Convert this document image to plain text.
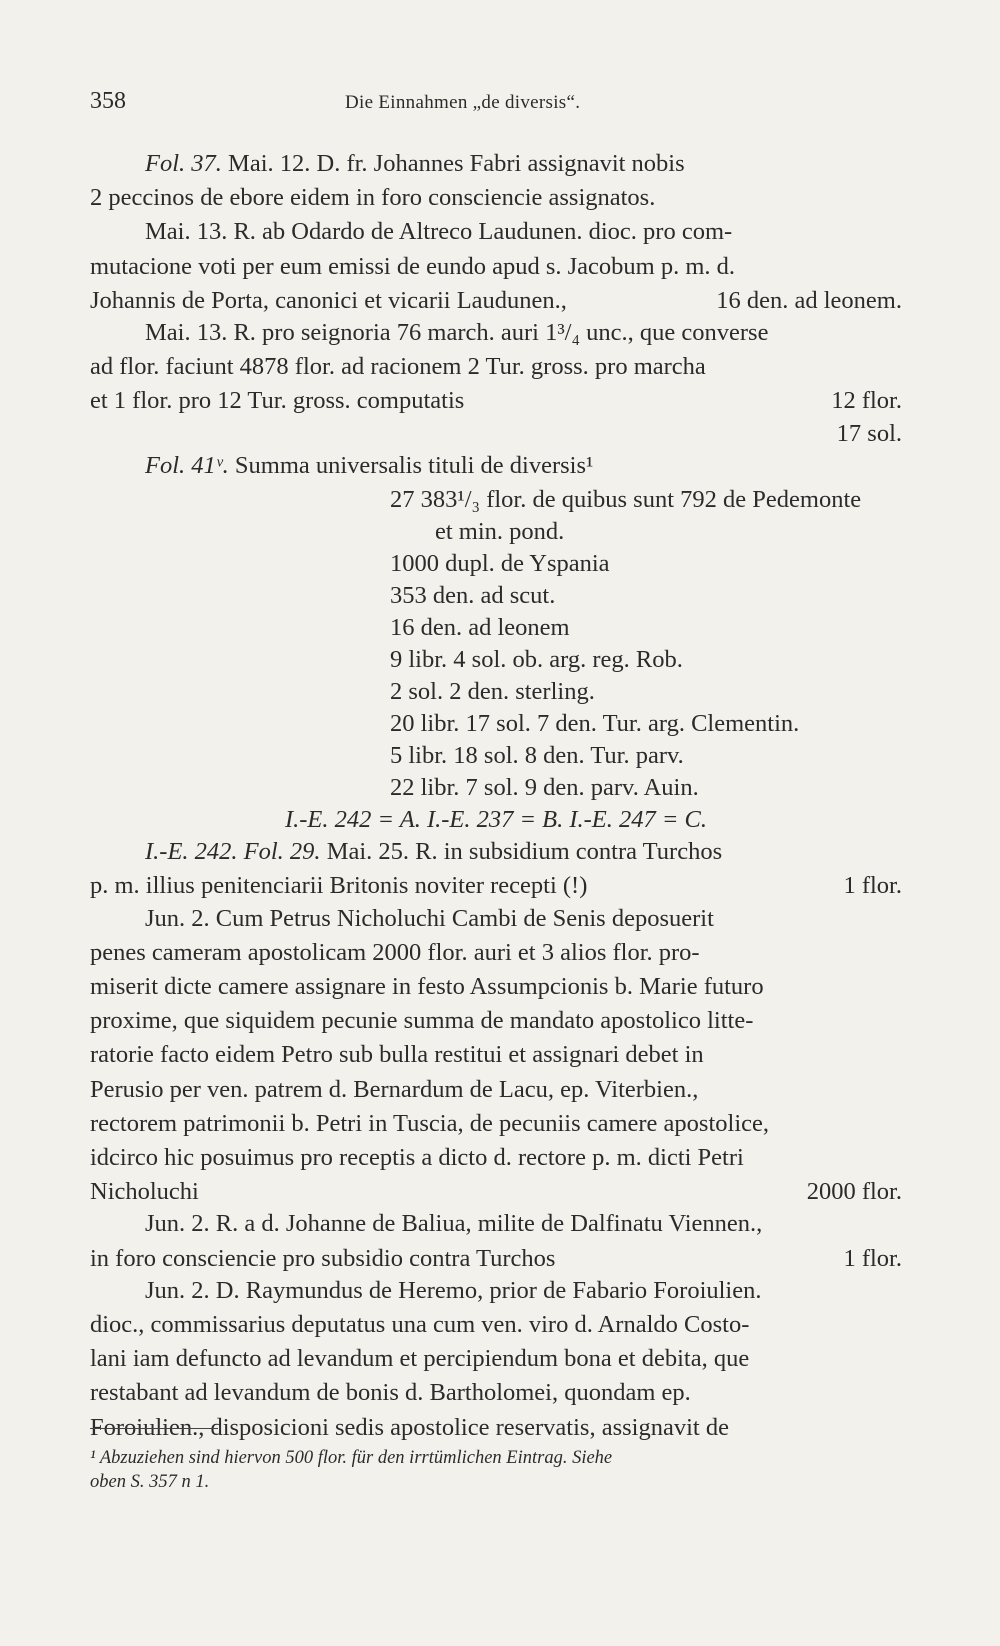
358	Die Einnahmen „de diversis“.

Fol. 37. Mai. 12. D. fr. Johannes Fabri assignavit nobis

2 peccinos de ebore eidem in foro consciencie assignatos.

Mai. 13. R. ab Odardo de Altreco Laudunen. dioc. pro com-

mutacione voti per eum emissi de eundo apud s. Jacobum p. m. d.

Johannis de Porta, canonici et vicarii Laudunen.,	16 den. ad leonem.

Mai. 13. R. pro seignoria 76 march. auri 1³/₄ unc., que converse

ad flor. faciunt 4878 flor. ad racionem 2 Tur. gross. pro marcha

et 1 flor. pro 12 Tur. gross. computatis	12 flor.
17 sol.

Fol. 41ᵛ. Summa universalis tituli de diversis¹

27 383¹/₃ flor. de quibus sunt 792 de Pedemonte
et min. pond.
1000 dupl. de Yspania
353 den. ad scut.
16 den. ad leonem
9 libr. 4 sol. ob. arg. reg. Rob.
2 sol. 2 den. sterling.
20 libr. 17 sol. 7 den. Tur. arg. Clementin.
5 libr. 18 sol. 8 den. Tur. parv.
22 libr. 7 sol. 9 den. parv. Auin.

I.-E. 242 = A. I.-E. 237 = B. I.-E. 247 = C.

I.-E. 242. Fol. 29. Mai. 25. R. in subsidium contra Turchos

p. m. illius penitenciarii Britonis noviter recepti (!)	1 flor.

Jun. 2. Cum Petrus Nicholuchi Cambi de Senis deposuerit

penes cameram apostolicam 2000 flor. auri et 3 alios flor. pro-

miserit dicte camere assignare in festo Assumpcionis b. Marie futuro

proxime, que siquidem pecunie summa de mandato apostolico litte-

ratorie facto eidem Petro sub bulla restitui et assignari debet in

Perusio per ven. patrem d. Bernardum de Lacu, ep. Viterbien.,

rectorem patrimonii b. Petri in Tuscia, de pecuniis camere apostolice,

idcirco hic posuimus pro receptis a dicto d. rectore p. m. dicti Petri

Nicholuchi	2000 flor.

Jun. 2. R. a d. Johanne de Baliua, milite de Dalfinatu Viennen.,

in foro consciencie pro subsidio contra Turchos	1 flor.

Jun. 2. D. Raymundus de Heremo, prior de Fabario Foroiulien.

dioc., commissarius deputatus una cum ven. viro d. Arnaldo Costo-

lani iam defuncto ad levandum et percipiendum bona et debita, que

restabant ad levandum de bonis d. Bartholomei, quondam ep.

Foroiulien., disposicioni sedis apostolice reservatis, assignavit de

¹ Abzuziehen sind hiervon 500 flor. für den irrtümlichen Eintrag. Siehe
oben S. 357 n 1.
